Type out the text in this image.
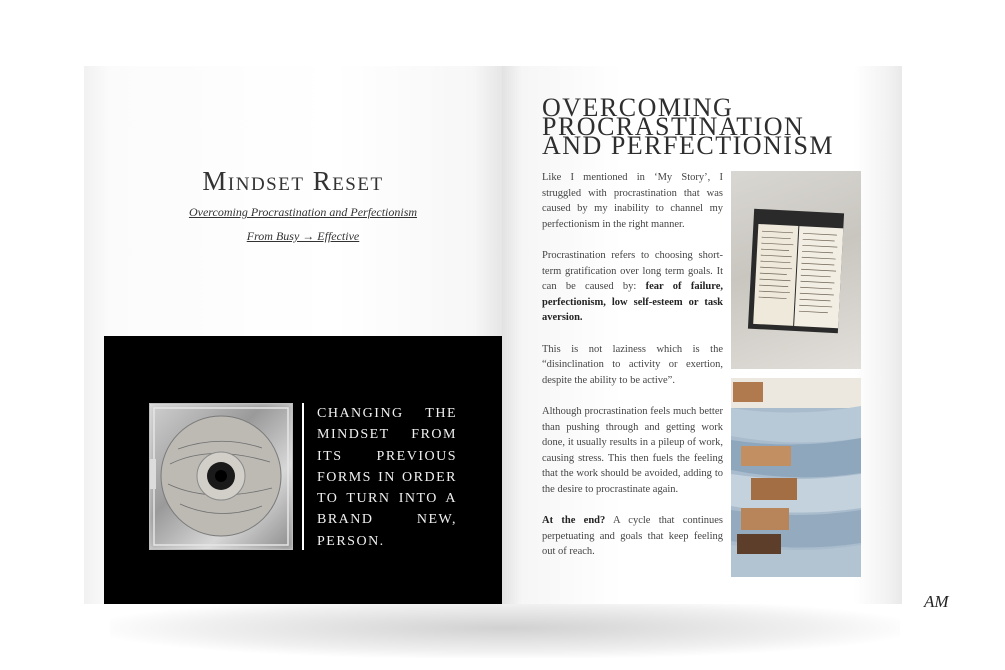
Mindset Reset
Overcoming Procrastination and Perfectionism
From Busy → Effective
CHANGING THE MINDSET FROM ITS PREVIOUS FORMS IN ORDER TO TURN INTO A BRAND NEW, PERSON.
OVERCOMING PROCRASTINATION AND PERFECTIONISM

Like I mentioned in ‘My Story’, I struggled with procrastination that was caused by my inability to channel my perfectionism in the right manner.

Procrastination refers to choosing short-term gratification over long term goals. It can be caused by: fear of failure, perfectionism, low self-esteem or task aversion.

This is not laziness which is the “disinclination to activity or exertion, despite the ability to be active”.

Although procrastination feels much better than pushing through and getting work done, it usually results in a pileup of work, causing stress. This then fuels the feeling that the work should be avoided, adding to the desire to procrastinate again.

At the end? A cycle that continues perpetuating and goals that keep feeling out of reach.

AM
